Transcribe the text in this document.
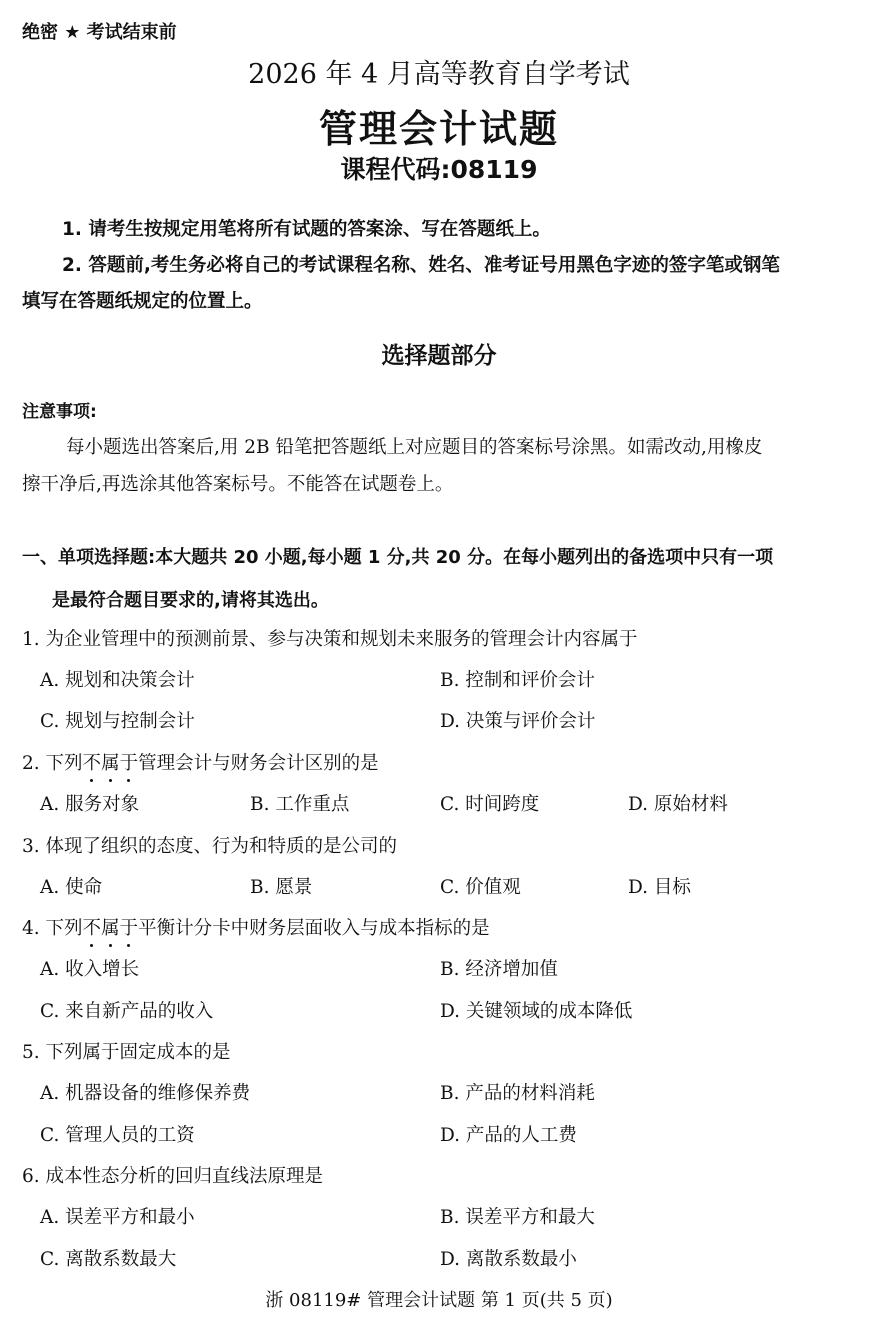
绝密 ★ 考试结束前
2026 年 4 月高等教育自学考试
管理会计试题
课程代码:08119
1. 请考生按规定用笔将所有试题的答案涂、写在答题纸上。
2. 答题前,考生务必将自己的考试课程名称、姓名、准考证号用黑色字迹的签字笔或钢笔
填写在答题纸规定的位置上。
选择题部分
注意事项:
每小题选出答案后,用 2B 铅笔把答题纸上对应题目的答案标号涂黑。如需改动,用橡皮
擦干净后,再选涂其他答案标号。不能答在试题卷上。
一、单项选择题:本大题共 20 小题,每小题 1 分,共 20 分。在每小题列出的备选项中只有一项
是最符合题目要求的,请将其选出。
1. 为企业管理中的预测前景、参与决策和规划未来服务的管理会计内容属于
A. 规划和决策会计	B. 控制和评价会计
C. 规划与控制会计	D. 决策与评价会计
2. 下列不属于管理会计与财务会计区别的是
A. 服务对象	B. 工作重点	C. 时间跨度	D. 原始材料
3. 体现了组织的态度、行为和特质的是公司的
A. 使命	B. 愿景	C. 价值观	D. 目标
4. 下列不属于平衡计分卡中财务层面收入与成本指标的是
A. 收入增长	B. 经济增加值
C. 来自新产品的收入	D. 关键领域的成本降低
5. 下列属于固定成本的是
A. 机器设备的维修保养费	B. 产品的材料消耗
C. 管理人员的工资	D. 产品的人工费
6. 成本性态分析的回归直线法原理是
A. 误差平方和最小	B. 误差平方和最大
C. 离散系数最大	D. 离散系数最小
浙 08119# 管理会计试题 第 1 页(共 5 页)
